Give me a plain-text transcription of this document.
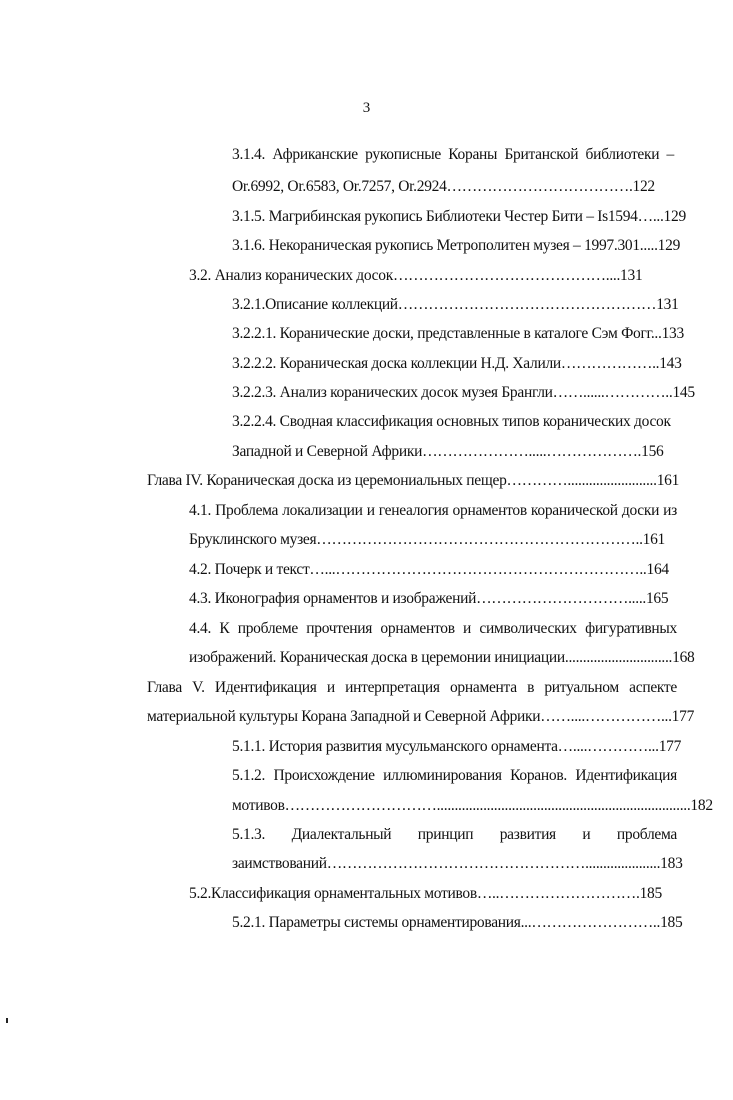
3
3.1.4. Африканские рукописные Кораны Британской библиотеки –
Or.6992, Or.6583, Or.7257, Or.2924……………………………….122
3.1.5. Магрибинская рукопись Библиотеки Честер Бити – Is1594…...129
3.1.6. Некораническая рукопись Метрополитен музея – 1997.301.....129
3.2. Анализ коранических досок……………………………………....131
3.2.1.Описание коллекций……………………………………………131
3.2.2.1. Коранические доски, представленные в каталоге Сэм Фогг...133
3.2.2.2. Кораническая доска коллекции Н.Д. Халили………………..143
3.2.2.3. Анализ коранических досок музея Брангли……......…………..145
3.2.2.4. Сводная классификация основных типов коранических досок
Западной и Северной Африки………………….....……………….156
Глава IV. Кораническая доска из церемониальных пещер………….........................161
4.1. Проблема локализации и генеалогия орнаментов коранической доски из
Бруклинского музея………………………………………………………..161
4.2. Почерк и текст…...……………………………………………………..164
4.3. Иконография орнаментов и изображений………………………….....165
4.4. К проблеме прочтения орнаментов и символических фигуративных
изображений. Кораническая доска в церемонии инициации..............................168
Глава V. Идентификация и интерпретация орнамента в ритуальном аспекте
материальной культуры Корана Западной и Северной Африки……....……………...177
5.1.1. История развития мусульманского орнамента…....…………...177
5.1.2. Происхождение иллюминирования Коранов. Идентификация
мотивов………………………….......................................................................182
5.1.3. Диалектальный принцип развития и проблема
заимствований…………………………………………….....................183
5.2.Классификация орнаментальных мотивов…..……………………….185
5.2.1. Параметры системы орнаментирования...……………………..185
